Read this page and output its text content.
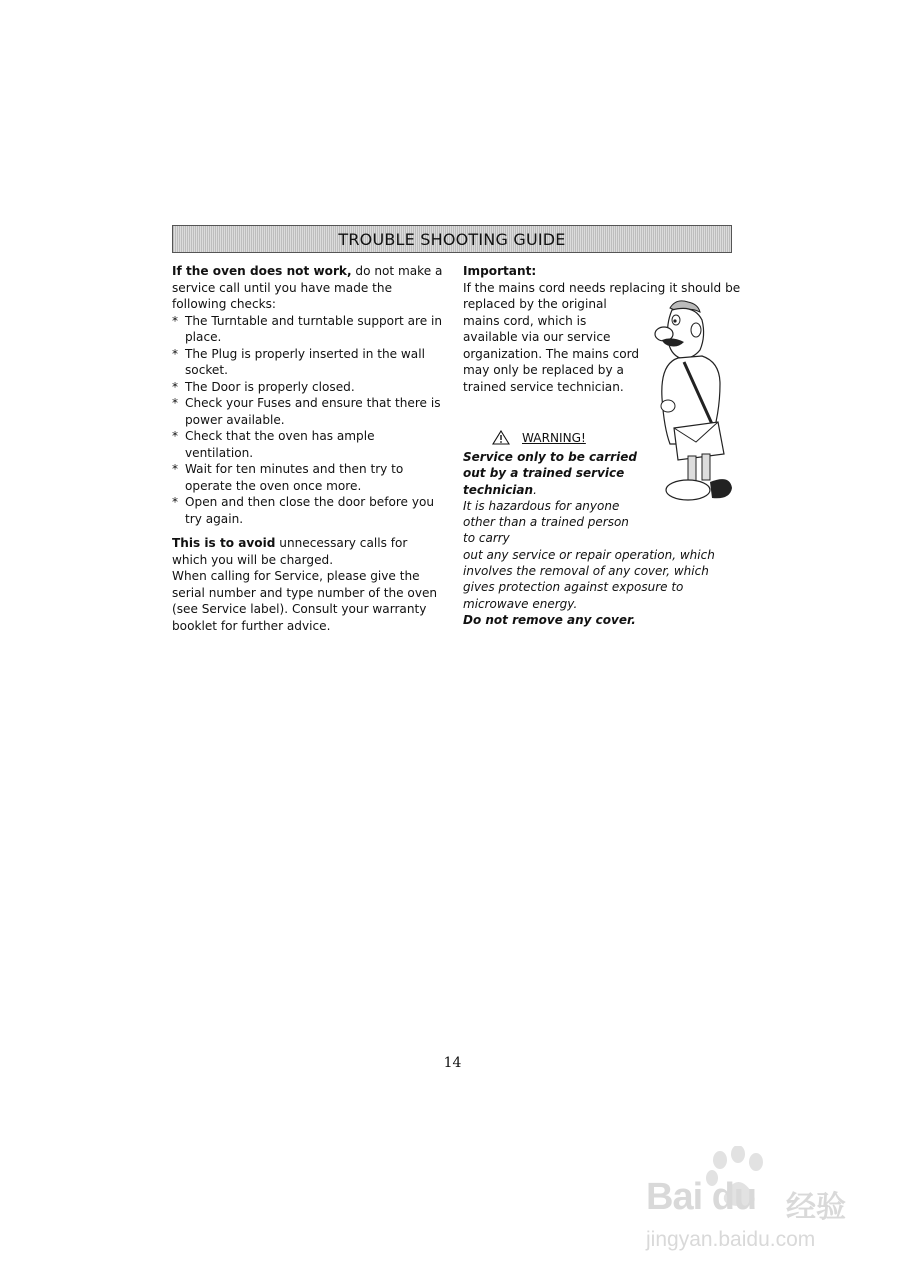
TROUBLE SHOOTING GUIDE

If the oven does not work, do not make a service call until you have made the following checks:

* The Turntable and turntable support are in place.
* The Plug is properly inserted in the wall socket.
* The Door is properly closed.
* Check your Fuses and ensure that there is power available.
* Check that the oven has ample ventilation.
* Wait for ten minutes and then try to operate the oven once more.
* Open and then close the door before you try again.

This is to avoid unnecessary calls for which you will be charged.

When calling for Service, please give the serial number and type number of the oven (see Service label). Consult your warranty booklet for further advice.

Important:

If the mains cord needs replacing it should be

replaced by the original mains cord, which is available via our service organization. The mains cord may only be replaced by a trained service technician.

WARNING!

Service only to be carried out by a trained service technician.

It is hazardous for anyone other than a trained person to carry

out any service or repair operation, which involves the removal of any cover, which gives protection against exposure to microwave energy.

Do not remove any cover.

14
Bai du 经验
jingyan.baidu.com
